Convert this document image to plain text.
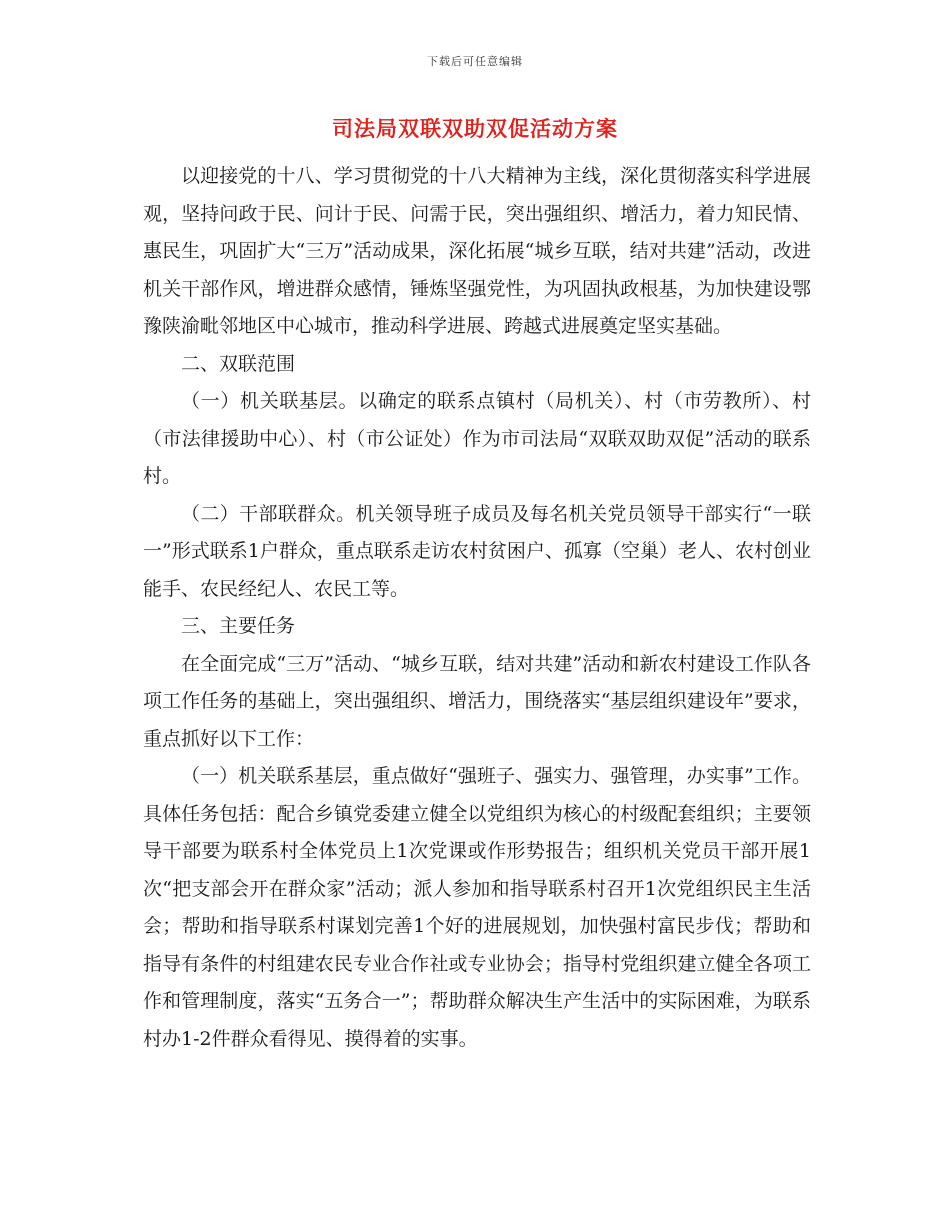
下载后可任意编辑
司法局双联双助双促活动方案

以迎接党的十八、学习贯彻党的十八大精神为主线，深化贯彻落实科学进展观，坚持问政于民、问计于民、问需于民，突出强组织、增活力，着力知民情、惠民生，巩固扩大“三万”活动成果，深化拓展“城乡互联，结对共建”活动，改进机关干部作风，增进群众感情，锤炼坚强党性，为巩固执政根基，为加快建设鄂豫陕渝毗邻地区中心城市，推动科学进展、跨越式进展奠定坚实基础。

二、双联范围

（一）机关联基层。以确定的联系点镇村（局机关）、村（市劳教所）、村（市法律援助中心）、村（市公证处）作为市司法局“双联双助双促”活动的联系村。

（二）干部联群众。机关领导班子成员及每名机关党员领导干部实行“一联一”形式联系1户群众，重点联系走访农村贫困户、孤寡（空巢）老人、农村创业能手、农民经纪人、农民工等。

三、主要任务

在全面完成“三万”活动、“城乡互联，结对共建”活动和新农村建设工作队各项工作任务的基础上，突出强组织、增活力，围绕落实“基层组织建设年”要求，重点抓好以下工作：

（一）机关联系基层，重点做好“强班子、强实力、强管理，办实事”工作。具体任务包括：配合乡镇党委建立健全以党组织为核心的村级配套组织；主要领导干部要为联系村全体党员上1次党课或作形势报告；组织机关党员干部开展1次“把支部会开在群众家”活动；派人参加和指导联系村召开1次党组织民主生活会；帮助和指导联系村谋划完善1个好的进展规划，加快强村富民步伐；帮助和指导有条件的村组建农民专业合作社或专业协会；指导村党组织建立健全各项工作和管理制度，落实“五务合一”；帮助群众解决生产生活中的实际困难，为联系村办1-2件群众看得见、摸得着的实事。
